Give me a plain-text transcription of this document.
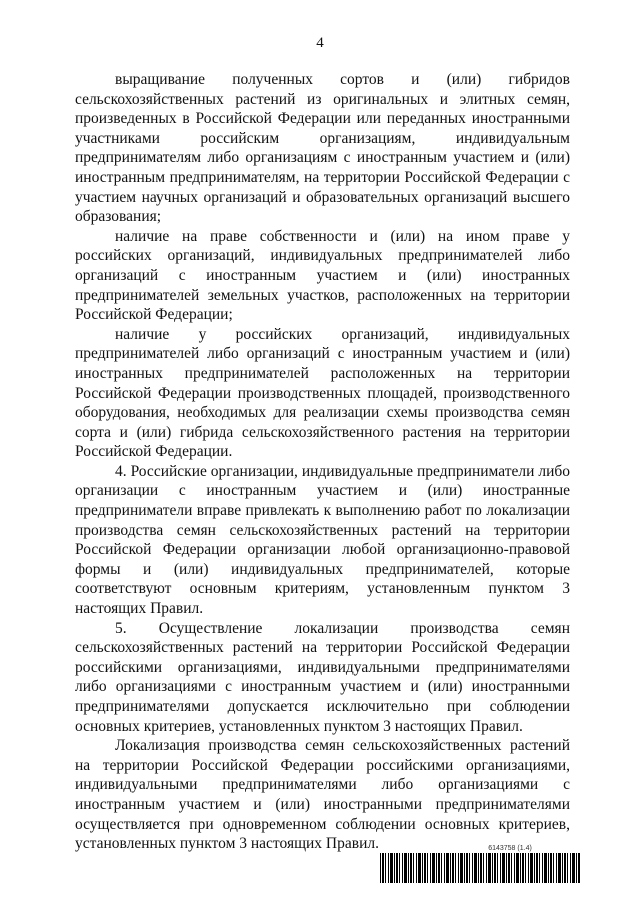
4

выращивание полученных сортов и (или) гибридов сельскохозяйственных растений из оригинальных и элитных семян, произведенных в Российской Федерации или переданных иностранными участниками российским организациям, индивидуальным предпринимателям либо организациям с иностранным участием и (или) иностранным предпринимателям, на территории Российской Федерации с участием научных организаций и образовательных организаций высшего образования;

наличие на праве собственности и (или) на ином праве у российских организаций, индивидуальных предпринимателей либо организаций с иностранным участием и (или) иностранных предпринимателей земельных участков, расположенных на территории Российской Федерации;

наличие у российских организаций, индивидуальных предпринимателей либо организаций с иностранным участием и (или) иностранных предпринимателей расположенных на территории Российской Федерации производственных площадей, производственного оборудования, необходимых для реализации схемы производства семян сорта и (или) гибрида сельскохозяйственного растения на территории Российской Федерации.

4. Российские организации, индивидуальные предприниматели либо организации с иностранным участием и (или) иностранные предприниматели вправе привлекать к выполнению работ по локализации производства семян сельскохозяйственных растений на территории Российской Федерации организации любой организационно-правовой формы и (или) индивидуальных предпринимателей, которые соответствуют основным критериям, установленным пунктом 3 настоящих Правил.

5. Осуществление локализации производства семян сельскохозяйственных растений на территории Российской Федерации российскими организациями, индивидуальными предпринимателями либо организациями с иностранным участием и (или) иностранными предпринимателями допускается исключительно при соблюдении основных критериев, установленных пунктом 3 настоящих Правил.

Локализация производства семян сельскохозяйственных растений на территории Российской Федерации российскими организациями, индивидуальными предпринимателями либо организациями с иностранным участием и (или) иностранными предпринимателями осуществляется при одновременном соблюдении основных критериев, установленных пунктом 3 настоящих Правил.	6143758 (1.4)
